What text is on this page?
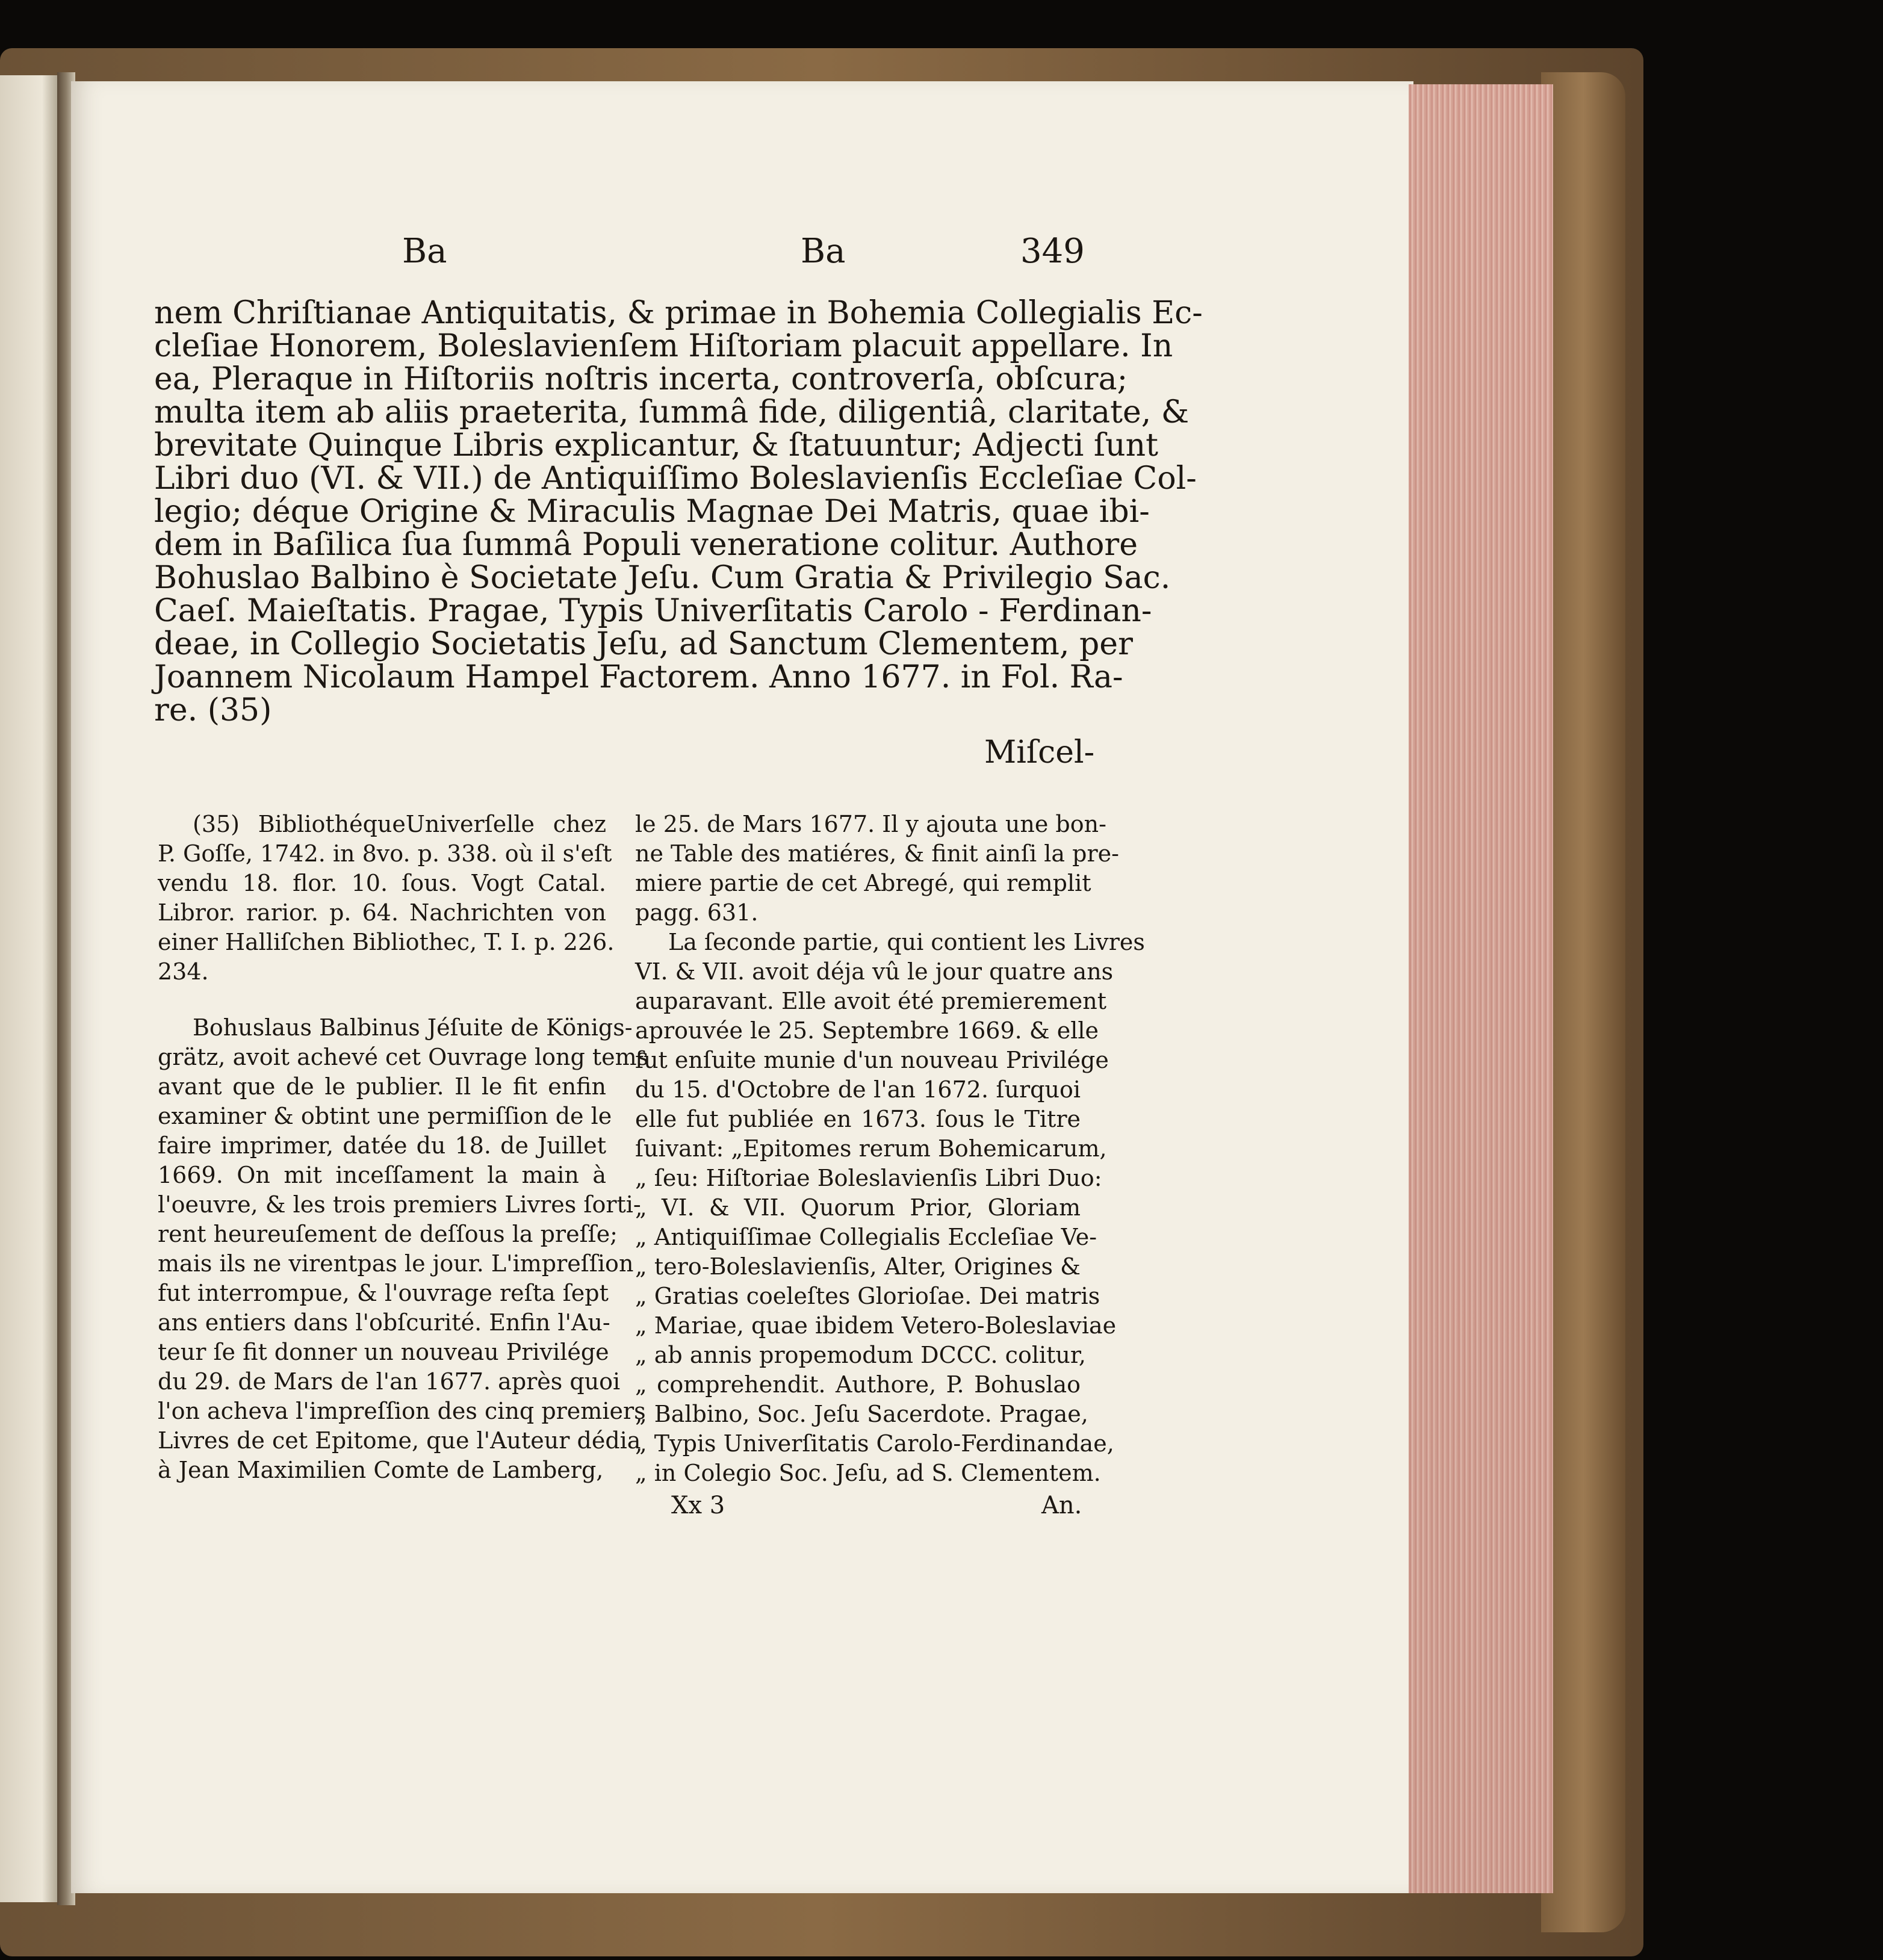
Ba	Ba	349
nem Chriſtianae Antiquitatis, & primae in Bohemia Collegialis Ec-
cleſiae Honorem, Boleslavienſem Hiſtoriam placuit appellare. In
ea, Pleraque in Hiſtoriis noſtris incerta, controverſa, obſcura;
multa item ab aliis praeterita, ſummâ fide, diligentiâ, claritate, &
brevitate Quinque Libris explicantur, & ſtatuuntur; Adjecti ſunt
Libri duo (VI. & VII.) de Antiquiſſimo Boleslavienſis Eccleſiae Col-
legio; déque Origine & Miraculis Magnae Dei Matris, quae ibi-
dem in Baſilica ſua ſummâ Populi veneratione colitur. Authore
Bohuslao Balbino è Societate Jeſu. Cum Gratia & Privilegio Sac.
Caeſ. Maieſtatis. Pragae, Typis Univerſitatis Carolo - Ferdinan-
deae, in Collegio Societatis Jeſu, ad Sanctum Clementem, per
Joannem Nicolaum Hampel Factorem. Anno 1677. in Fol. Ra-
re. (35)
Miſcel-
(35) BibliothéqueUniverſelle chez
P. Goſſe, 1742. in 8vo. p. 338. où il s'eſt
vendu 18. flor. 10. ſous. Vogt Catal.
Libror. rarior. p. 64. Nachrichten von
einer Halliſchen Bibliothec, T. I. p. 226.
234.
Bohuslaus Balbinus Jéſuite de Königs-
grätz, avoit achevé cet Ouvrage long tems
avant que de le publier. Il le fit enfin
examiner & obtint une permiſſion de le
faire imprimer, datée du 18. de Juillet
1669. On mit inceſſament la main à
l'oeuvre, & les trois premiers Livres ſorti-
rent heureuſement de deſſous la preſſe;
mais ils ne virentpas le jour. L'impreſſion
fut interrompue, & l'ouvrage reſta ſept
ans entiers dans l'obſcurité. Enfin l'Au-
teur ſe fit donner un nouveau Privilége
du 29. de Mars de l'an 1677. après quoi
l'on acheva l'impreſſion des cinq premiers
Livres de cet Epitome, que l'Auteur dédia
à Jean Maximilien Comte de Lamberg,
le 25. de Mars 1677. Il y ajouta une bon-
ne Table des matiéres, & finit ainſi la pre-
miere partie de cet Abregé, qui remplit
pagg. 631.
La ſeconde partie, qui contient les Livres
VI. & VII. avoit déja vû le jour quatre ans
auparavant. Elle avoit été premierement
aprouvée le 25. Septembre 1669. & elle
fut enſuite munie d'un nouveau Privilége
du 15. d'Octobre de l'an 1672. ſurquoi
elle fut publiée en 1673. ſous le Titre
ſuivant: „Epitomes rerum Bohemicarum,
„ ſeu: Hiſtoriae Boleslavienſis Libri Duo:
„ VI. & VII. Quorum Prior, Gloriam
„ Antiquiſſimae Collegialis Eccleſiae Ve-
„ tero-Boleslavienſis, Alter, Origines &
„ Gratias coeleſtes Glorioſae. Dei matris
„ Mariae, quae ibidem Vetero-Boleslaviae
„ ab annis propemodum DCCC. colitur,
„ comprehendit. Authore, P. Bohuslao
„ Balbino, Soc. Jeſu Sacerdote. Pragae,
„ Typis Univerſitatis Carolo-Ferdinandae,
„ in Colegio Soc. Jeſu, ad S. Clementem.
Xx 3	An.
